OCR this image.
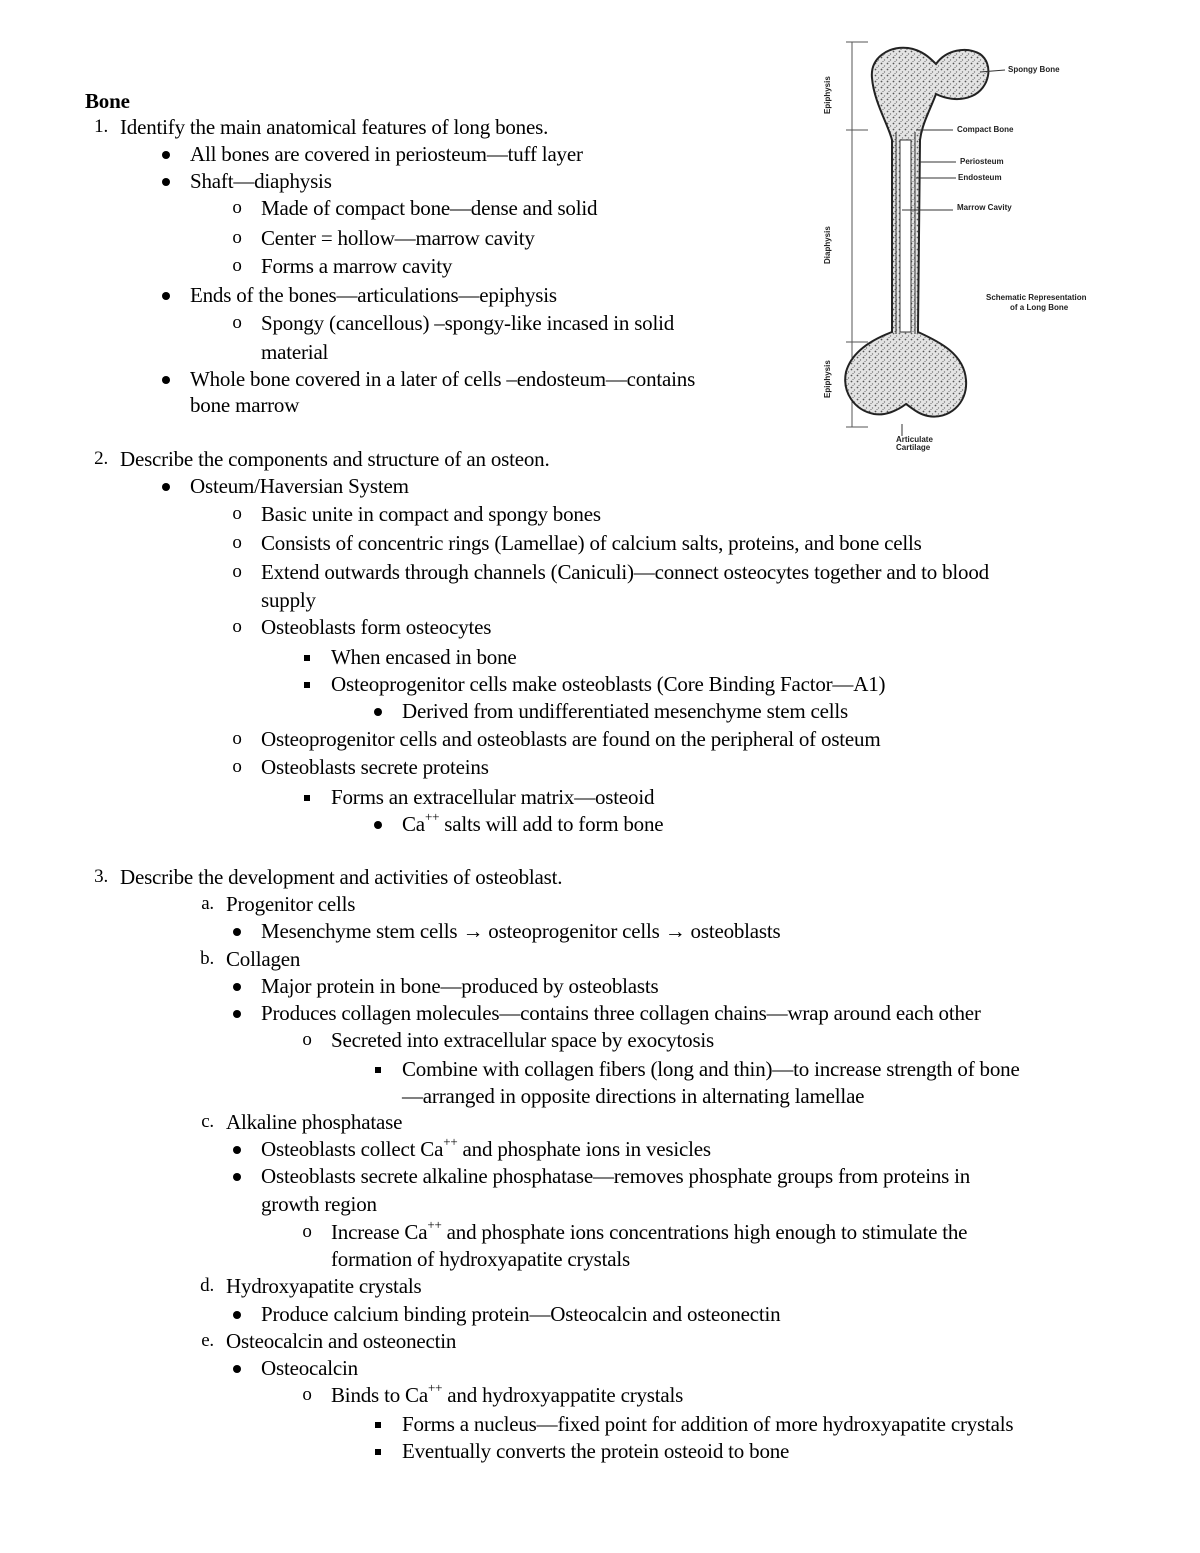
Bone
1. Identify the main anatomical features of long bones.
All bones are covered in periosteum—tuff layer
Shaft—diaphysis
o Made of compact bone—dense and solid
o Center = hollow—marrow cavity
o Forms a marrow cavity
Ends of the bones—articulations—epiphysis
o Spongy (cancellous) –spongy-like incased in solid
material
Whole bone covered in a later of cells –endosteum—contains
bone marrow
2. Describe the components and structure of an osteon.
Osteum/Haversian System
o Basic unite in compact and spongy bones
o Consists of concentric rings (Lamellae) of calcium salts, proteins, and bone cells
o Extend outwards through channels (Caniculi)—connect osteocytes together and to blood
supply
o Osteoblasts form osteocytes
When encased in bone
Osteoprogenitor cells make osteoblasts (Core Binding Factor—A1)
Derived from undifferentiated mesenchyme stem cells
o Osteoprogenitor cells and osteoblasts are found on the peripheral of osteum
o Osteoblasts secrete proteins
Forms an extracellular matrix—osteoid
Ca++ salts will add to form bone
3. Describe the development and activities of osteoblast.
a. Progenitor cells
Mesenchyme stem cells → osteoprogenitor cells → osteoblasts
b. Collagen
Major protein in bone—produced by osteoblasts
Produces collagen molecules—contains three collagen chains—wrap around each other
o Secreted into extracellular space by exocytosis
Combine with collagen fibers (long and thin)—to increase strength of bone
—arranged in opposite directions in alternating lamellae
c. Alkaline phosphatase
Osteoblasts collect Ca++ and phosphate ions in vesicles
Osteoblasts secrete alkaline phosphatase—removes phosphate groups from proteins in
growth region
o Increase Ca++ and phosphate ions concentrations high enough to stimulate the
formation of hydroxyapatite crystals
d. Hydroxyapatite crystals
Produce calcium binding protein—Osteocalcin and osteonectin
e. Osteocalcin and osteonectin
Osteocalcin
o Binds to Ca++ and hydroxyappatite crystals
Forms a nucleus—fixed point for addition of more hydroxyapatite crystals
Eventually converts the protein osteoid to bone
Epiphysis
Diaphysis
Epiphysis
Spongy Bone
Compact Bone
Periosteum
Endosteum
Marrow Cavity
Schematic Representation
of a Long Bone
Articulate
Cartilage
